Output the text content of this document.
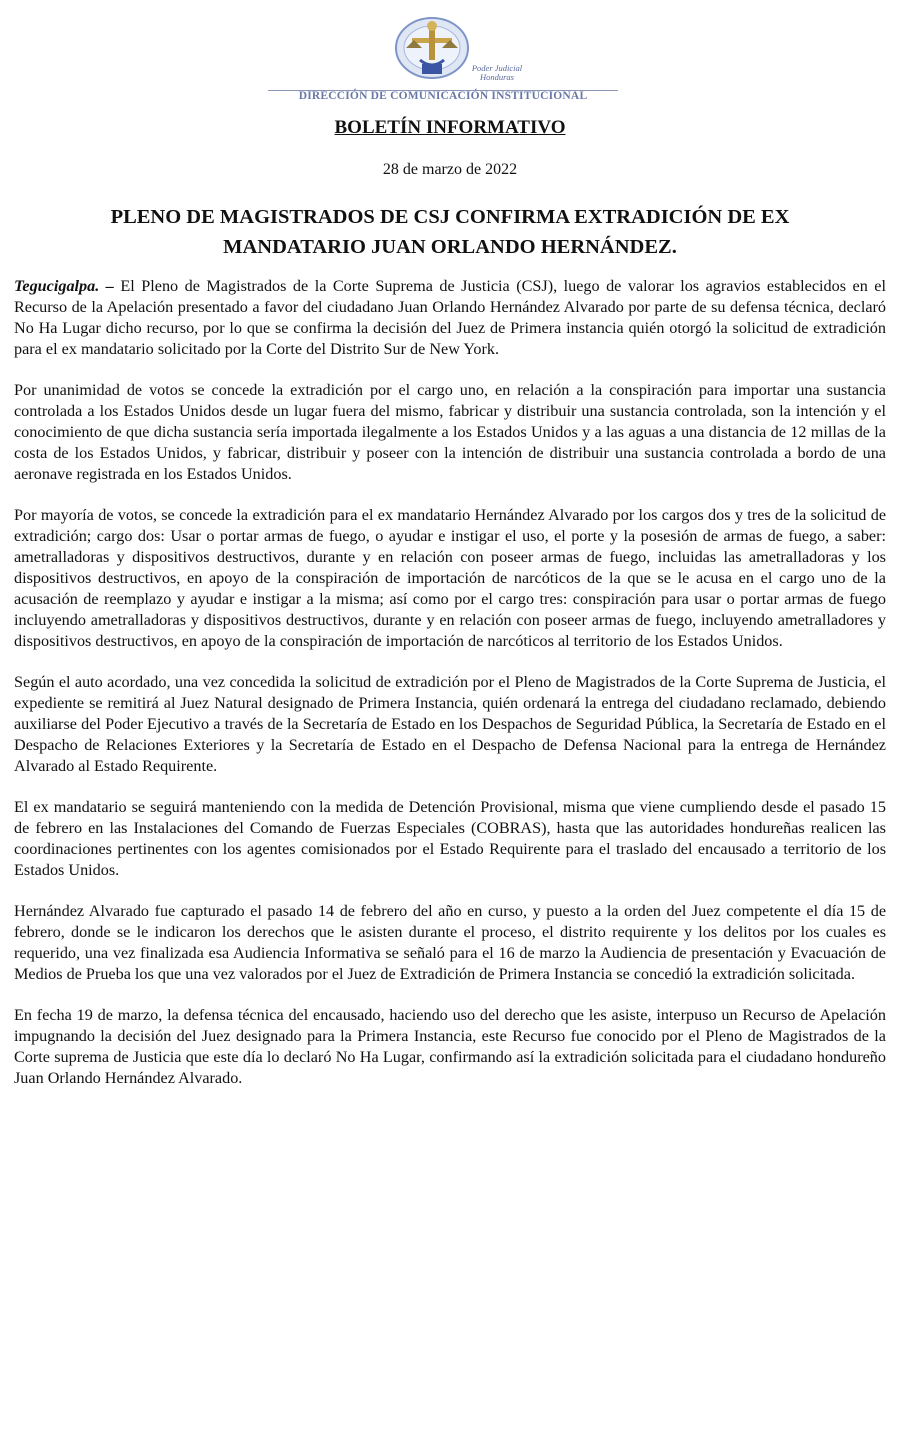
Poder Judicial
Honduras
DIRECCIÓN DE COMUNICACIÓN INSTITUCIONAL
BOLETÍN INFORMATIVO
28 de marzo de 2022
PLENO DE MAGISTRADOS DE CSJ CONFIRMA EXTRADICIÓN DE EX MANDATARIO JUAN ORLANDO HERNÁNDEZ.

Tegucigalpa. – El Pleno de Magistrados de la Corte Suprema de Justicia (CSJ), luego de valorar los agravios establecidos en el Recurso de la Apelación presentado a favor del ciudadano Juan Orlando Hernández Alvarado por parte de su defensa técnica, declaró No Ha Lugar dicho recurso, por lo que se confirma la decisión del Juez de Primera instancia quién otorgó la solicitud de extradición para el ex mandatario solicitado por la Corte del Distrito Sur de New York.

Por unanimidad de votos se concede la extradición por el cargo uno, en relación a la conspiración para importar una sustancia controlada a los Estados Unidos desde un lugar fuera del mismo, fabricar y distribuir una sustancia controlada, son la intención y el conocimiento de que dicha sustancia sería importada ilegalmente a los Estados Unidos y a las aguas a una distancia de 12 millas de la costa de los Estados Unidos, y fabricar, distribuir y poseer con la intención de distribuir una sustancia controlada a bordo de una aeronave registrada en los Estados Unidos.

Por mayoría de votos, se concede la extradición para el ex mandatario Hernández Alvarado por los cargos dos y tres de la solicitud de extradición; cargo dos: Usar o portar armas de fuego, o ayudar e instigar el uso, el porte y la posesión de armas de fuego, a saber: ametralladoras y dispositivos destructivos, durante y en relación con poseer armas de fuego, incluidas las ametralladoras y los dispositivos destructivos, en apoyo de la conspiración de importación de narcóticos de la que se le acusa en el cargo uno de la acusación de reemplazo y ayudar e instigar a la misma; así como por el cargo tres: conspiración para usar o portar armas de fuego incluyendo ametralladoras y dispositivos destructivos, durante y en relación con poseer armas de fuego, incluyendo ametralladores y dispositivos destructivos, en apoyo de la conspiración de importación de narcóticos al territorio de los Estados Unidos.

Según el auto acordado, una vez concedida la solicitud de extradición por el Pleno de Magistrados de la Corte Suprema de Justicia, el expediente se remitirá al Juez Natural designado de Primera Instancia, quién ordenará la entrega del ciudadano reclamado, debiendo auxiliarse del Poder Ejecutivo a través de la Secretaría de Estado en los Despachos de Seguridad Pública, la Secretaría de Estado en el Despacho de Relaciones Exteriores y la Secretaría de Estado en el Despacho de Defensa Nacional para la entrega de Hernández Alvarado al Estado Requirente.

El ex mandatario se seguirá manteniendo con la medida de Detención Provisional, misma que viene cumpliendo desde el pasado 15 de febrero en las Instalaciones del Comando de Fuerzas Especiales (COBRAS), hasta que las autoridades hondureñas realicen las coordinaciones pertinentes con los agentes comisionados por el Estado Requirente para el traslado del encausado a territorio de los Estados Unidos.

Hernández Alvarado fue capturado el pasado 14 de febrero del año en curso, y puesto a la orden del Juez competente el día 15 de febrero, donde se le indicaron los derechos que le asisten durante el proceso, el distrito requirente y los delitos por los cuales es requerido, una vez finalizada esa Audiencia Informativa se señaló para el 16 de marzo la Audiencia de presentación y Evacuación de Medios de Prueba los que una vez valorados por el Juez de Extradición de Primera Instancia se concedió la extradición solicitada.

En fecha 19 de marzo, la defensa técnica del encausado, haciendo uso del derecho que les asiste, interpuso un Recurso de Apelación impugnando la decisión del Juez designado para la Primera Instancia, este Recurso fue conocido por el Pleno de Magistrados de la Corte suprema de Justicia que este día lo declaró No Ha Lugar, confirmando así la extradición solicitada para el ciudadano hondureño Juan Orlando Hernández Alvarado.
